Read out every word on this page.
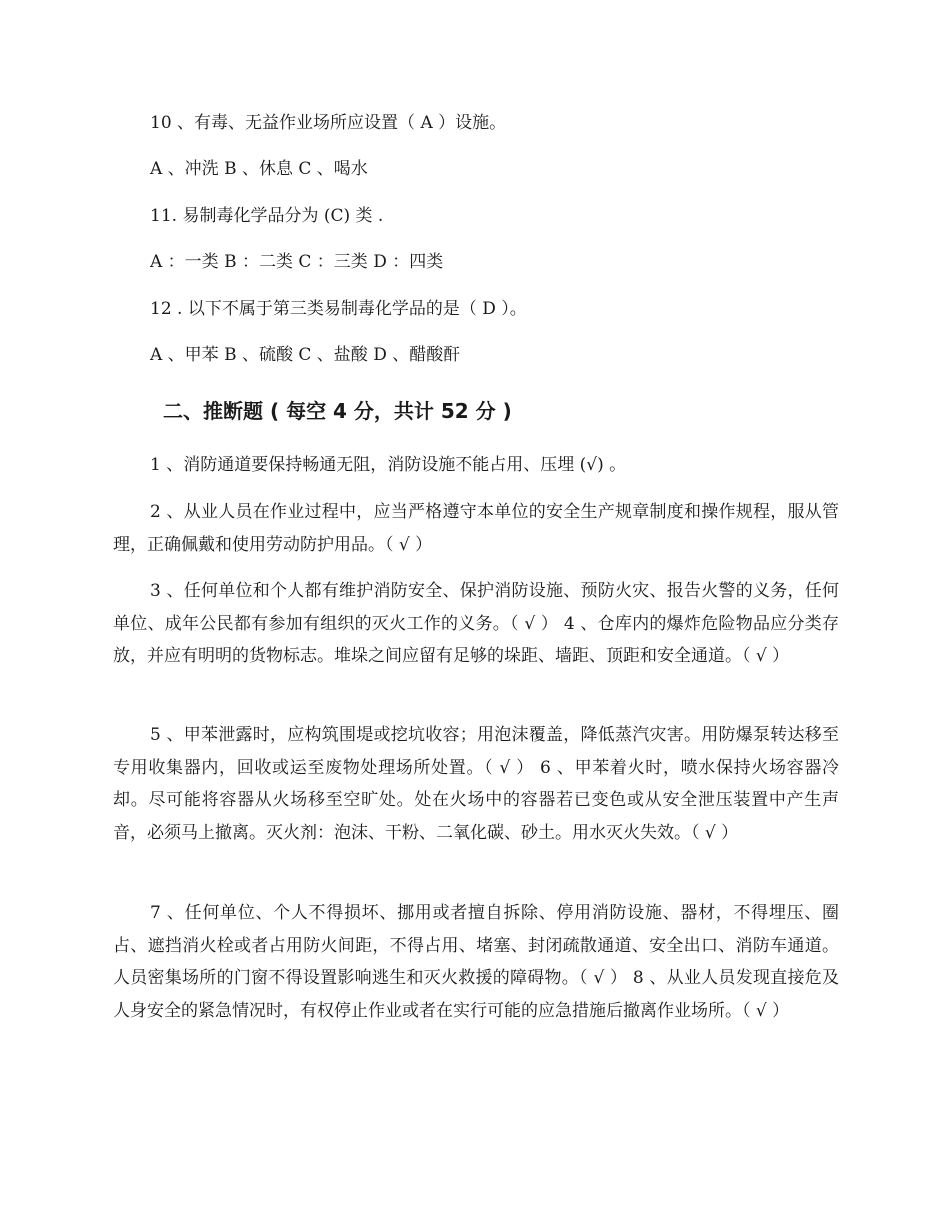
10 、有毒、无益作业场所应设置（ A ）设施。
A 、冲洗 B 、休息 C 、喝水
11. 易制毒化学品分为 (C) 类 .
A ：一类 B ：二类 C ：三类 D ：四类
12 . 以下不属于第三类易制毒化学品的是（ D ）。
A 、甲苯 B 、硫酸 C 、盐酸 D 、醋酸酐
二、推断题 ( 每空 4 分，共计 52 分 )
1 、消防通道要保持畅通无阻，消防设施不能占用、压埋 (√) 。
2 、从业人员在作业过程中，应当严格遵守本单位的安全生产规章制度和操作规程，服从管理，正确佩戴和使用劳动防护用品。（ √ ）
3 、任何单位和个人都有维护消防安全、保护消防设施、预防火灾、报告火警的义务，任何单位、成年公民都有参加有组织的灭火工作的义务。（ √ ） 4 、仓库内的爆炸危险物品应分类存放，并应有明明的货物标志。堆垛之间应留有足够的垛距、墙距、顶距和安全通道。（ √ ）
5 、甲苯泄露时，应构筑围堤或挖坑收容；用泡沫覆盖，降低蒸汽灾害。用防爆泵转达移至专用收集器内，回收或运至废物处理场所处置。（ √ ） 6 、甲苯着火时，喷水保持火场容器冷却。尽可能将容器从火场移至空旷处。处在火场中的容器若已变色或从安全泄压装置中产生声音，必须马上撤离。灭火剂：泡沫、干粉、二氧化碳、砂土。用水灭火失效。（ √ ）
7 、任何单位、个人不得损坏、挪用或者擅自拆除、停用消防设施、器材，不得埋压、圈占、遮挡消火栓或者占用防火间距，不得占用、堵塞、封闭疏散通道、安全出口、消防车通道。人员密集场所的门窗不得设置影响逃生和灭火救援的障碍物。（ √ ） 8 、从业人员发现直接危及人身安全的紧急情况时，有权停止作业或者在实行可能的应急措施后撤离作业场所。（ √ ）
